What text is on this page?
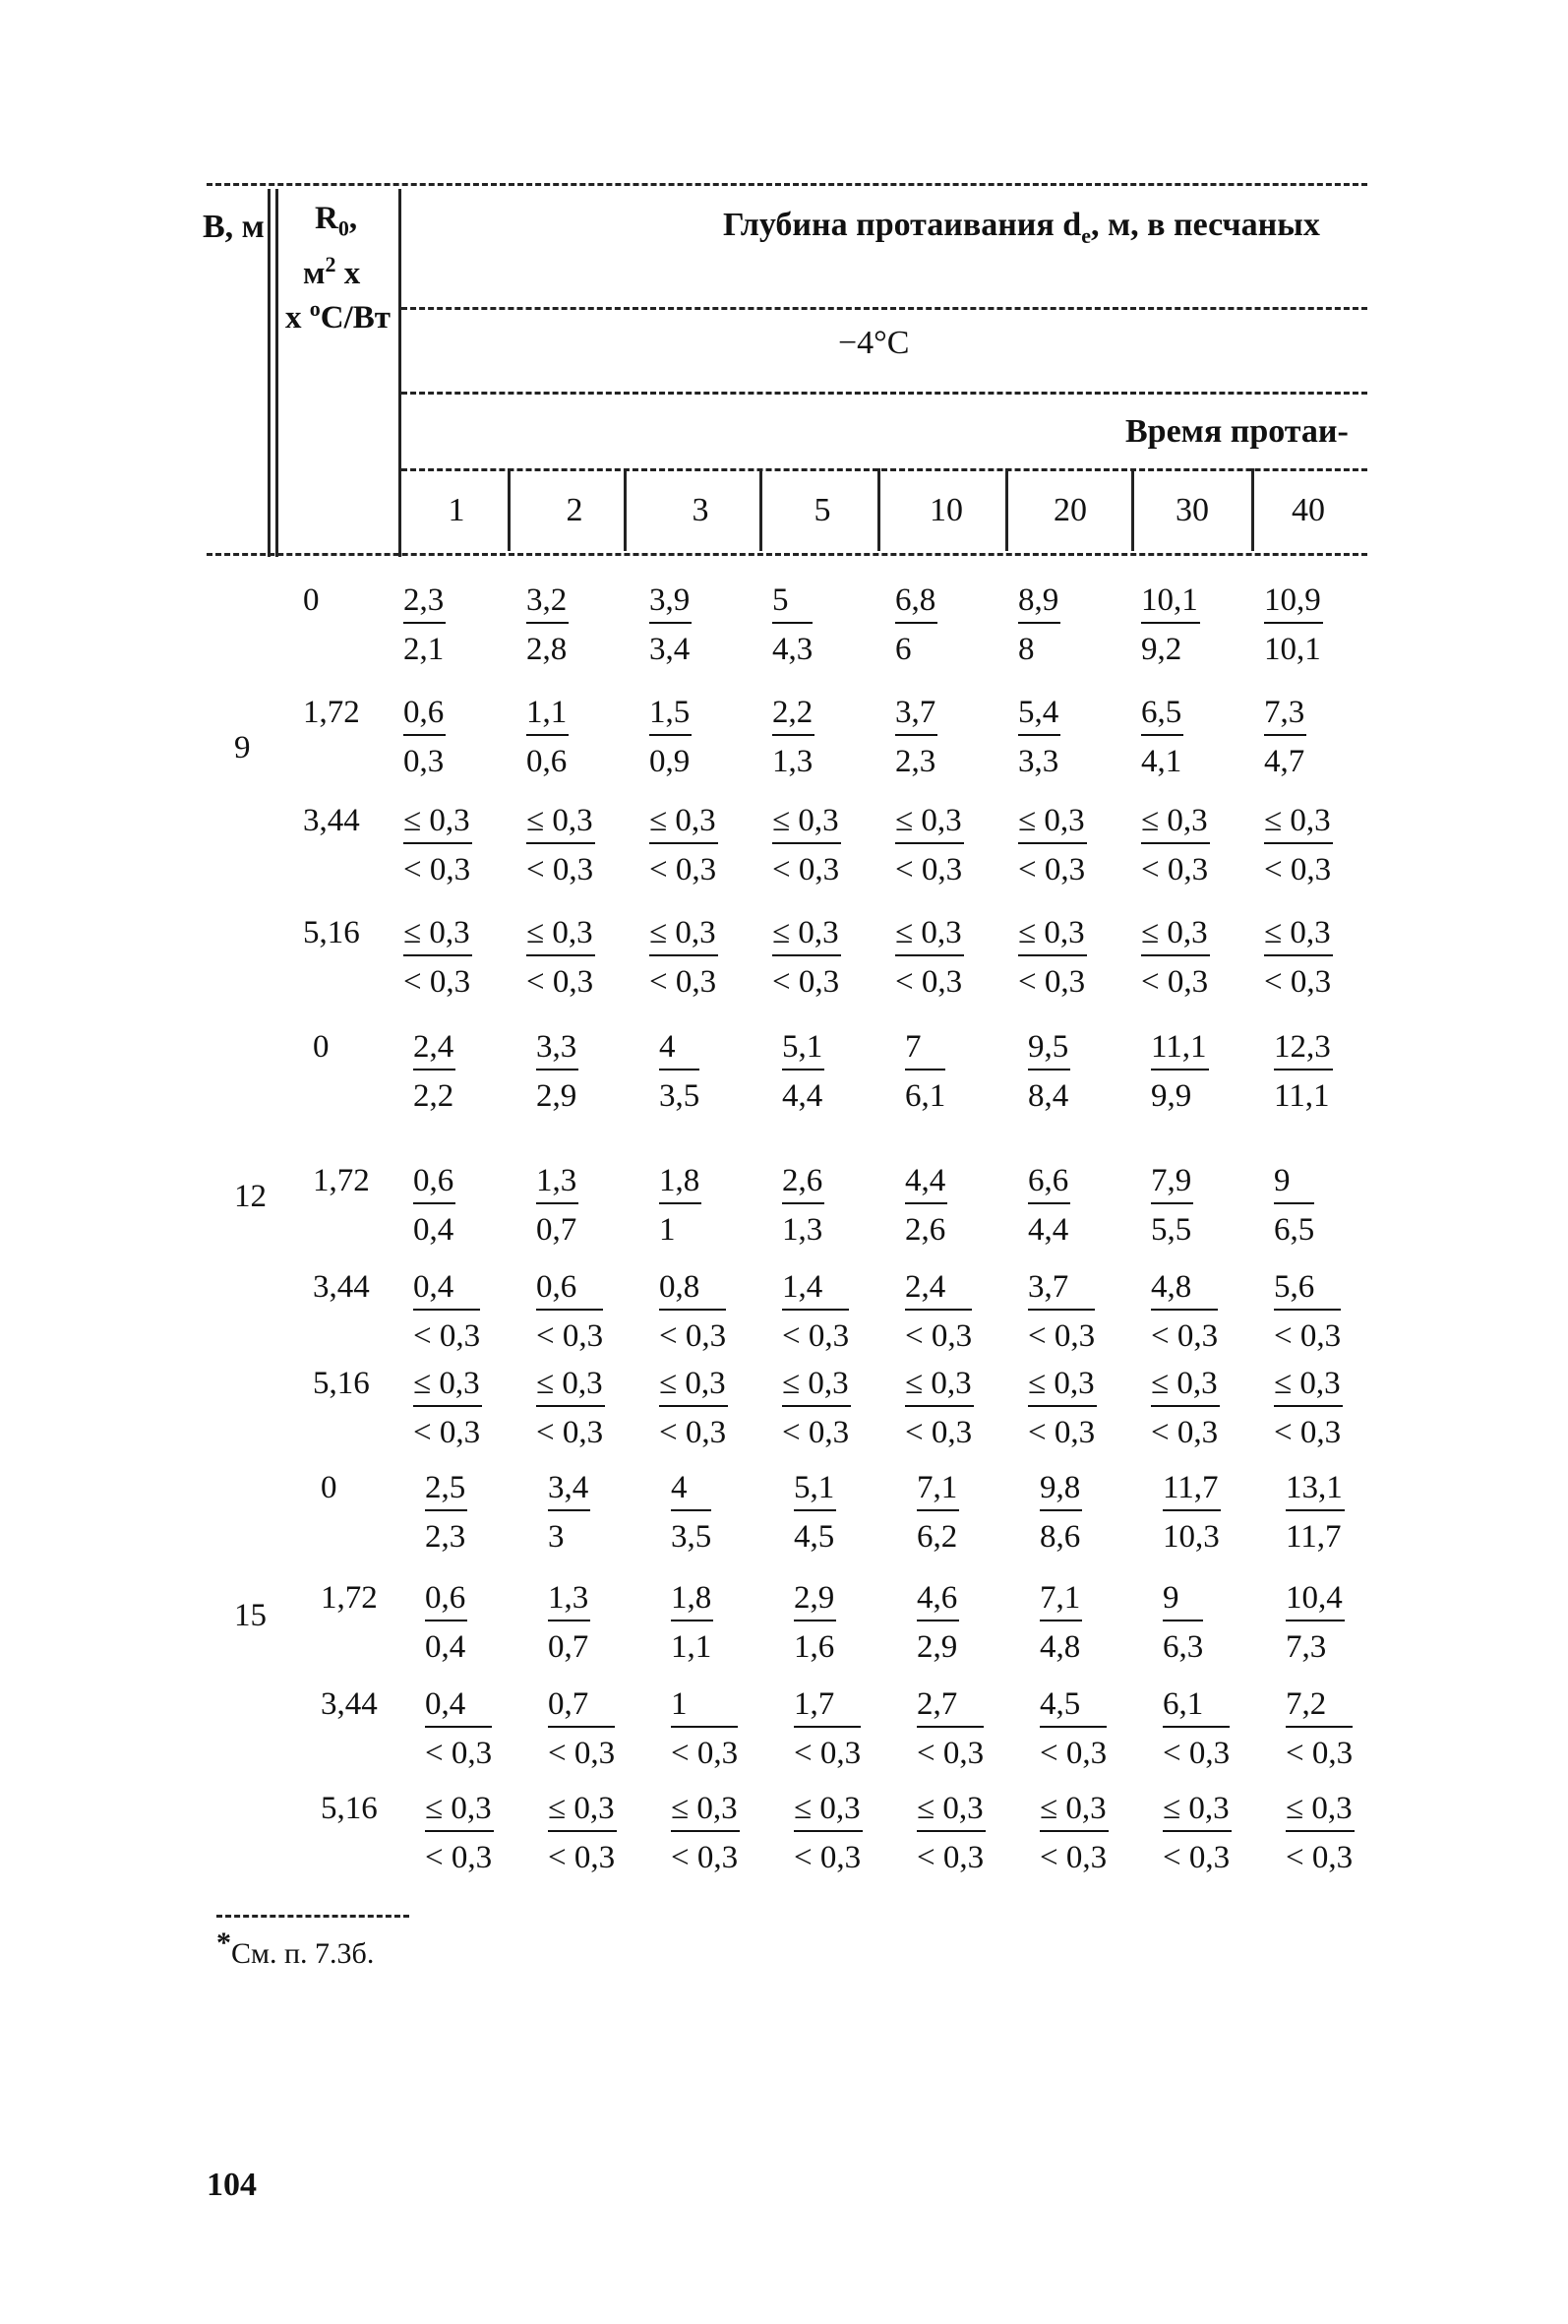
В, м	$R_0$,
$м^2$ х
х $^о$С/Вт
Глубина протаивания $d_e$, м, в песчаных
−4°С
Время протаи-
1	2	3	5	10	20	30	40
9
0	$\frac{2,3}{2,1} \frac{3,2}{2,8} \frac{3,9}{3,4} \frac{5}{4,3}$	$\frac{6,8}{6} \frac{8,9}{8} \frac{10,1}{9,2} \frac{10,9}{10,1}$
$1,72 \frac{0,6}{0,3} \frac{1,1}{0,6} \frac{1,5}{0,9} \frac{2,2}{1,3} \frac{3,7}{2,3} \frac{5,4}{3,3} \frac{6,5}{4,1} \frac{7,3}{4,7}$
$3,44 \frac{\le 0,3}{< 0,3} \frac{\le 0,3}{< 0,3} \frac{\le 0,3}{< 0,3} \frac{\le 0,3}{< 0,3} \frac{\le 0,3}{< 0,3} \frac{\le 0,3}{< 0,3} \frac{\le 0,3}{< 0,3} \frac{\le 0,3}{< 0,3}$
$5,16 \frac{\le 0,3}{< 0,3} \frac{\le 0,3}{< 0,3} \frac{\le 0,3}{< 0,3} \frac{\le 0,3}{< 0,3} \frac{\le 0,3}{< 0,3} \frac{\le 0,3}{< 0,3} \frac{\le 0,3}{< 0,3} \frac{\le 0,3}{< 0,3}$
12
0	$\frac{2,4}{2,2} \frac{3,3}{2,9} \frac{4}{3,5}$	$\frac{5,1}{4,4} \frac{7}{6,1}$	$\frac{9,5}{8,4} \frac{11,1}{9,9} \frac{12,3}{11,1}$
$1,72 \frac{0,6}{0,4} \frac{1,3}{0,7} \frac{1,8}{1} \frac{2,6}{1,3} \frac{4,4}{2,6} \frac{6,6}{4,4} \frac{7,9}{5,5} \frac{9}{6,5}$
$3,44 \frac{0,4}{< 0,3} \frac{0,6}{< 0,3} \frac{0,8}{< 0,3} \frac{1,4}{< 0,3} \frac{2,4}{< 0,3} \frac{3,7}{< 0,3} \frac{4,8}{< 0,3} \frac{5,6}{< 0,3}$
$5,16 \frac{\le 0,3}{< 0,3} \frac{\le 0,3}{< 0,3} \frac{\le 0,3}{< 0,3} \frac{\le 0,3}{< 0,3} \frac{\le 0,3}{< 0,3} \frac{\le 0,3}{< 0,3} \frac{\le 0,3}{< 0,3} \frac{\le 0,3}{< 0,3}$
15
0	$\frac{2,5}{2,3} \frac{3,4}{3} \frac{4}{3,5}$	$\frac{5,1}{4,5} \frac{7,1}{6,2} \frac{9,8}{8,6} \frac{11,7}{10,3} \frac{13,1}{11,7}$
$1,72 \frac{0,6}{0,4} \frac{1,3}{0,7} \frac{1,8}{1,1} \frac{2,9}{1,6} \frac{4,6}{2,9} \frac{7,1}{4,8} \frac{9}{6,3}$	$\frac{10,4}{7,3}$
$3,44 \frac{0,4}{< 0,3} \frac{0,7}{< 0,3} \frac{1}{< 0,3} \frac{1,7}{< 0,3} \frac{2,7}{< 0,3} \frac{4,5}{< 0,3} \frac{6,1}{< 0,3} \frac{7,2}{< 0,3}$
$5,16 \frac{\le 0,3}{< 0,3} \frac{\le 0,3}{< 0,3} \frac{\le 0,3}{< 0,3} \frac{\le 0,3}{< 0,3} \frac{\le 0,3}{< 0,3} \frac{\le 0,3}{< 0,3} \frac{\le 0,3}{< 0,3} \frac{\le 0,3}{< 0,3}$
*См. п. 7.3б.
104
